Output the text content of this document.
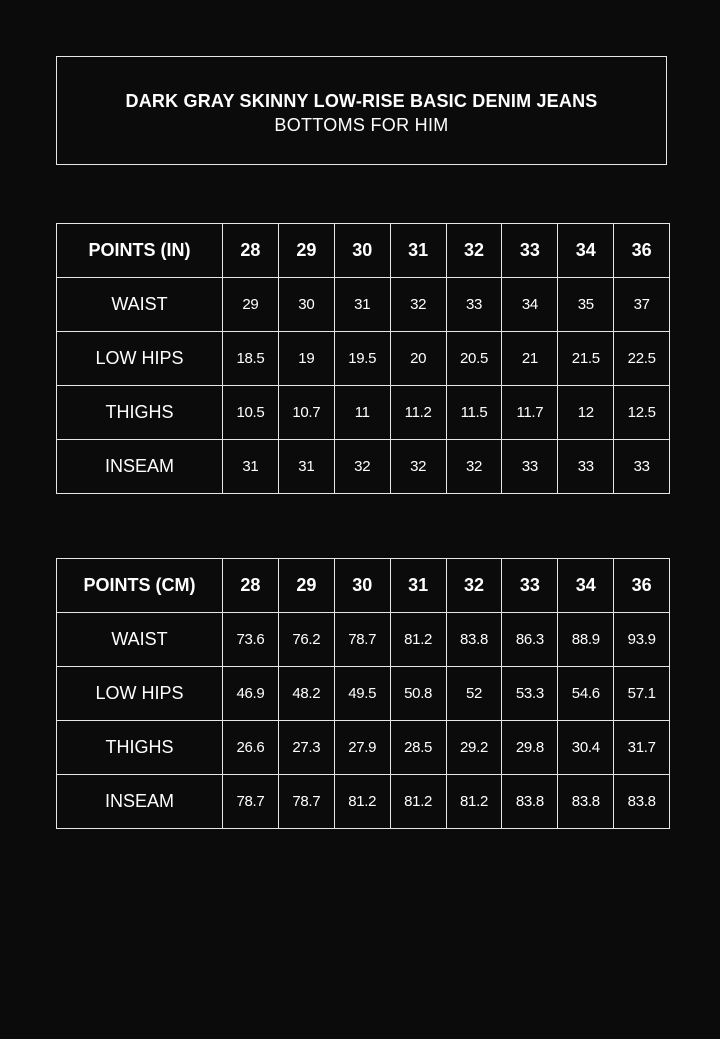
DARK GRAY SKINNY LOW-RISE BASIC DENIM JEANS
BOTTOMS FOR HIM
POINTS (IN)	28	29	30	31	32	33	34	36
WAIST	29	30	31	32	33	34	35	37
LOW HIPS	18.5	19	19.5	20	20.5	21	21.5	22.5
THIGHS	10.5	10.7	11	11.2	11.5	11.7	12	12.5
INSEAM	31	31	32	32	32	33	33	33
POINTS (CM)	28	29	30	31	32	33	34	36
WAIST	73.6	76.2	78.7	81.2	83.8	86.3	88.9	93.9
LOW HIPS	46.9	48.2	49.5	50.8	52	53.3	54.6	57.1
THIGHS	26.6	27.3	27.9	28.5	29.2	29.8	30.4	31.7
INSEAM	78.7	78.7	81.2	81.2	81.2	83.8	83.8	83.8
